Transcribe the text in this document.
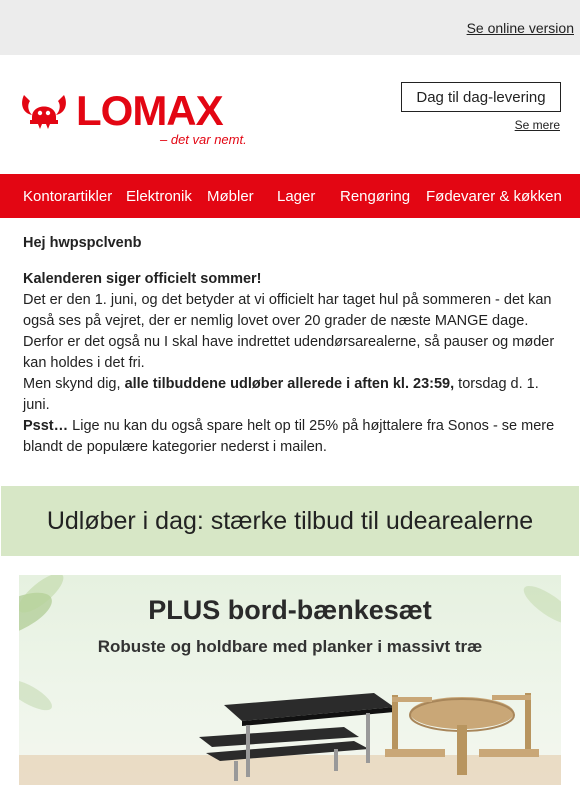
Se online version
LOMAX
– det var nemt.
Dag til dag-levering
Se mere
Kontorartikler Elektronik	Møbler	Lager	Rengøring	Fødevarer & køkken

Hej hwpspclvenb

Kalenderen siger officielt sommer!

Det er den 1. juni, og det betyder at vi officielt har taget hul på sommeren - det kan også ses på vejret, der er nemlig lovet over 20 grader de næste MANGE dage.

Derfor er det også nu I skal have indrettet udendørsarealerne, så pauser og møder kan holdes i det fri.

Men skynd dig, alle tilbuddene udløber allerede i aften kl. 23:59, torsdag d. 1. juni.

Psst… Lige nu kan du også spare helt op til 25% på højttalere fra Sonos - se mere blandt de populære kategorier nederst i mailen.

Udløber i dag: stærke tilbud til udearealerne
PLUS bord-bænkesæt
Robuste og holdbare med planker i massivt træ
